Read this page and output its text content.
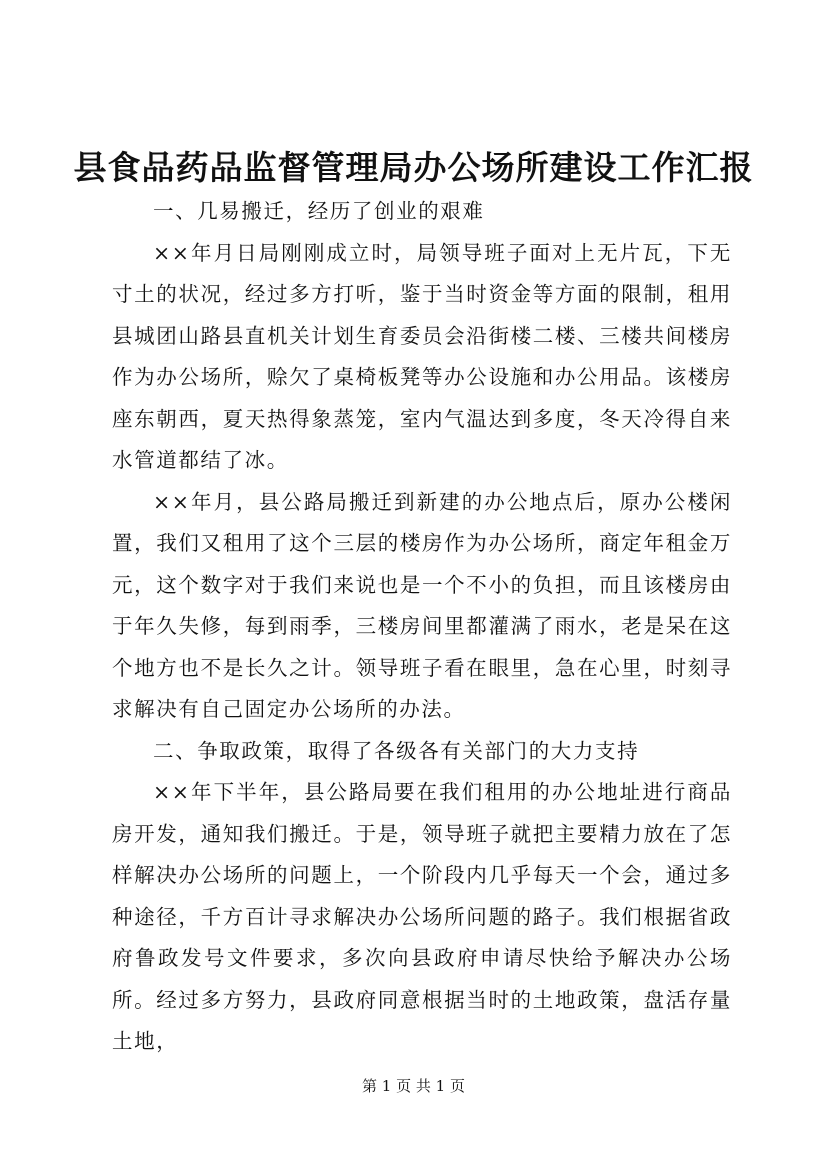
县食品药品监督管理局办公场所建设工作汇报

一、几易搬迁，经历了创业的艰难

××年月日局刚刚成立时，局领导班子面对上无片瓦，下无寸土的状况，经过多方打听，鉴于当时资金等方面的限制，租用县城团山路县直机关计划生育委员会沿街楼二楼、三楼共间楼房作为办公场所，赊欠了桌椅板凳等办公设施和办公用品。该楼房座东朝西，夏天热得象蒸笼，室内气温达到多度，冬天冷得自来水管道都结了冰。

××年月，县公路局搬迁到新建的办公地点后，原办公楼闲置，我们又租用了这个三层的楼房作为办公场所，商定年租金万元，这个数字对于我们来说也是一个不小的负担，而且该楼房由于年久失修，每到雨季，三楼房间里都灌满了雨水，老是呆在这个地方也不是长久之计。领导班子看在眼里，急在心里，时刻寻求解决有自己固定办公场所的办法。

二、争取政策，取得了各级各有关部门的大力支持

××年下半年，县公路局要在我们租用的办公地址进行商品房开发，通知我们搬迁。于是，领导班子就把主要精力放在了怎样解决办公场所的问题上，一个阶段内几乎每天一个会，通过多种途径，千方百计寻求解决办公场所问题的路子。我们根据省政府鲁政发号文件要求，多次向县政府申请尽快给予解决办公场所。经过多方努力，县政府同意根据当时的土地政策，盘活存量土地，

第 1 页 共 1 页
